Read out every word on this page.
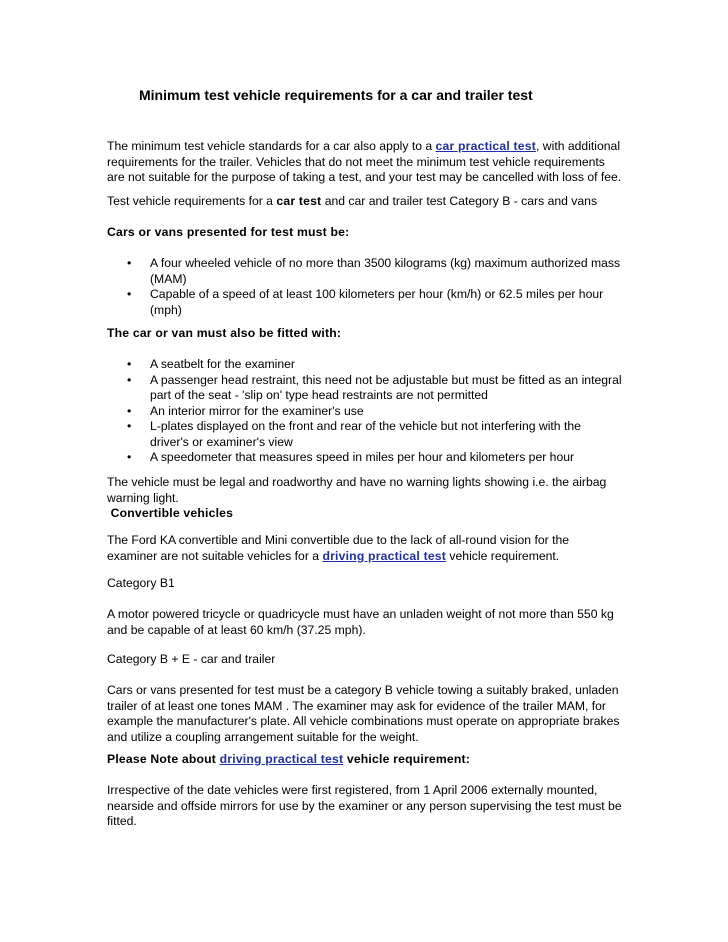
Minimum test vehicle requirements for a car and trailer test

The minimum test vehicle standards for a car also apply to a car practical test, with additional requirements for the trailer. Vehicles that do not meet the minimum test vehicle requirements are not suitable for the purpose of taking a test, and your test may be cancelled with loss of fee.

Test vehicle requirements for a car test and car and trailer test Category B - cars and vans

Cars or vans presented for test must be:
• A four wheeled vehicle of no more than 3500 kilograms (kg) maximum authorized mass (MAM)
• Capable of a speed of at least 100 kilometers per hour (km/h) or 62.5 miles per hour (mph)
The car or van must also be fitted with:
• A seatbelt for the examiner
• A passenger head restraint, this need not be adjustable but must be fitted as an integral part of the seat - 'slip on' type head restraints are not permitted
• An interior mirror for the examiner's use
• L-plates displayed on the front and rear of the vehicle but not interfering with the driver's or examiner's view
• A speedometer that measures speed in miles per hour and kilometers per hour

The vehicle must be legal and roadworthy and have no warning lights showing i.e. the airbag warning light.

Convertible vehicles

The Ford KA convertible and Mini convertible due to the lack of all-round vision for the examiner are not suitable vehicles for a driving practical test vehicle requirement.

Category B1
A motor powered tricycle or quadricycle must have an unladen weight of not more than 550 kg and be capable of at least 60 km/h (37.25 mph).
Category B + E - car and trailer
Cars or vans presented for test must be a category B vehicle towing a suitably braked, unladen trailer of at least one tones MAM . The examiner may ask for evidence of the trailer MAM, for example the manufacturer's plate. All vehicle combinations must operate on appropriate brakes and utilize a coupling arrangement suitable for the weight.
Please Note about driving practical test vehicle requirement:
Irrespective of the date vehicles were first registered, from 1 April 2006 externally mounted, nearside and offside mirrors for use by the examiner or any person supervising the test must be fitted.
